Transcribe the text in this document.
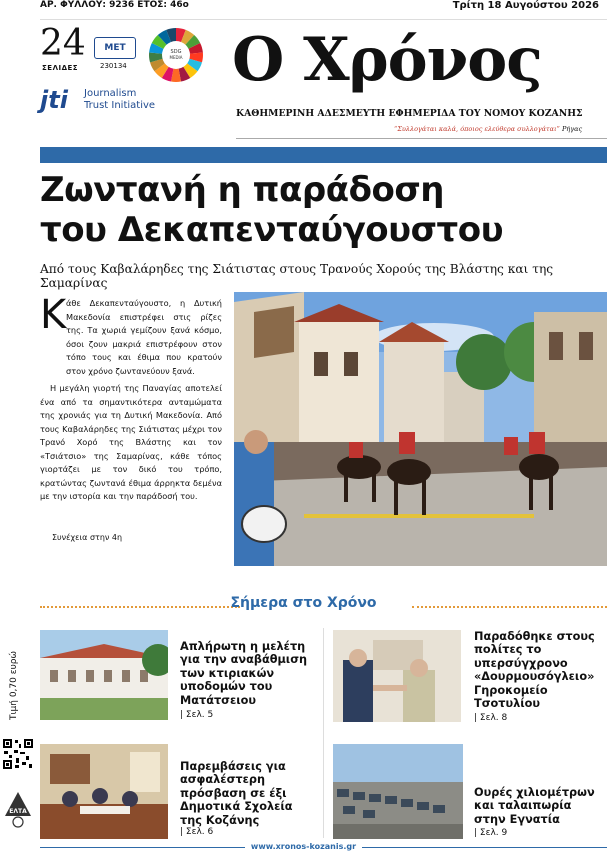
ΑΡ. ΦΥΛΛΟΥ: 9236 ΕΤΟΣ: 46ο	Τρίτη 18 Αυγούστου 2026
24
ΣΕΛΙΔΕΣ
ΜΕΤ
230134
SDG
MEDIA
jti Journalism
Trust Initiative
Ο Χρόνος
ΚΑΘΗΜΕΡΙΝΗ ΑΔΕΣΜΕΥΤΗ ΕΦΗΜΕΡΙΔΑ ΤΟΥ ΝΟΜΟΥ ΚΟΖΑΝΗΣ
“Συλλογάται καλά, όποιος ελεύθερα συλλογάται” Ρήγας
Ζωντανή η παράδοση
του Δεκαπενταύγουστου
Από τους Καβαλάρηδες της Σιάτιστας στους Τρανούς Χορούς της Βλάστης και της Σαμαρίνας
Κ άθε Δεκαπενταύγουστο, η Δυτική Μακεδονία επιστρέφει στις ρίζες της. Τα χωριά γεμίζουν ξανά κόσμο, όσοι ζουν μακριά επιστρέφουν στον τόπο τους και έθιμα που κρατούν στον χρόνο ζωντανεύουν ξανά.

Η μεγάλη γιορτή της Παναγίας αποτελεί ένα από τα σημαντικότερα ανταμώματα της χρονιάς για τη Δυτική Μακεδονία. Από τους Καβαλάρηδες της Σιάτιστας μέχρι τον Τρανό Χορό της Βλάστης και τον «Τσιάτσιο» της Σαμαρίνας, κάθε τόπος γιορτάζει με τον δικό του τρόπο, κρατώντας ζωντανά έθιμα άρρηκτα δεμένα με την ιστορία και την παράδοσή του.

Συνέχεια στην 4η
Σήμερα στο Χρόνο
Τιμή 0,70 ευρώ
ΕΛΤΑ
Απλήρωτη η μελέτη για την αναβάθμιση των κτιριακών υποδομών του Ματάτσειου
| Σελ. 5
Παραδόθηκε στους πολίτες το υπερσύγχρονο «Δουρμουσόγλειο» Γηροκομείο Τσοτυλίου
| Σελ. 8
Παρεμβάσεις για ασφαλέστερη πρόσβαση σε έξι Δημοτικά Σχολεία της Κοζάνης
| Σελ. 6
Ουρές χιλιομέτρων και ταλαιπωρία στην Εγνατία
| Σελ. 9
www.xronos-kozanis.gr
